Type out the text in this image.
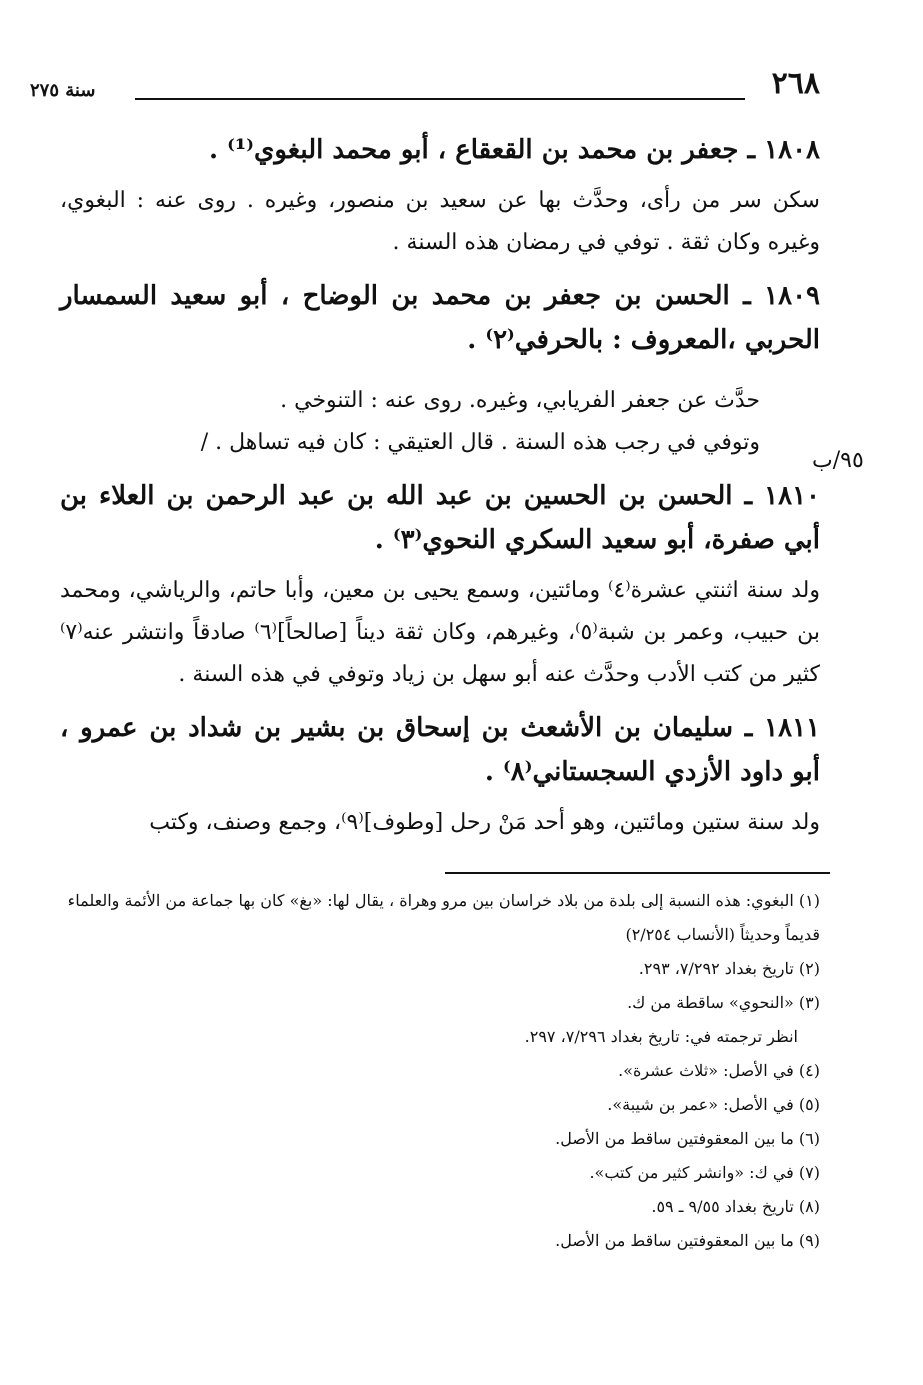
٢٦٨
سنة ٢٧٥

١٨٠٨ ـ جعفر بن محمد بن القعقاع ، أبو محمد البغوي⁽¹⁾ .

سكن سر من رأى، وحدَّث بها عن سعيد بن منصور، وغيره . روى عنه : البغوي، وغيره وكان ثقة . توفي في رمضان هذه السنة .

١٨٠٩ ـ الحسن بن جعفر بن محمد بن الوضاح ، أبو سعيد السمسار الحربي ،المعروف : بالحرفي⁽٢⁾ .

حدَّث عن جعفر الفريابي، وغيره. روى عنه : التنوخي .

وتوفي في رجب هذه السنة . قال العتيقي : كان فيه تساهل . /

١٨١٠ ـ الحسن بن الحسين بن عبد الله بن عبد الرحمن بن العلاء بن أبي صفرة، أبو سعيد السكري النحوي⁽٣⁾ .

ولد سنة اثنتي عشرة⁽٤⁾ ومائتين، وسمع يحيى بن معين، وأبا حاتم، والرياشي، ومحمد بن حبيب، وعمر بن شبة⁽٥⁾، وغيرهم، وكان ثقة ديناً [صالحاً]⁽٦⁾ صادقاً وانتشر عنه⁽٧⁾ كثير من كتب الأدب وحدَّث عنه أبو سهل بن زياد وتوفي في هذه السنة .

١٨١١ ـ سليمان بن الأشعث بن إسحاق بن بشير بن شداد بن عمرو ، أبو داود الأزدي السجستاني⁽٨⁾ .

ولد سنة ستين ومائتين، وهو أحد مَنْ رحل [وطوف]⁽٩⁾، وجمع وصنف، وكتب

٩٥/ب

(١) البغوي: هذه النسبة إلى بلدة من بلاد خراسان بين مرو وهراة ، يقال لها: «بغ» كان بها جماعة من الأئمة والعلماء قديماً وحديثاً (الأنساب ٢/٢٥٤)

(٢) تاريخ بغداد ٧/٢٩٢، ٢٩٣.

(٣) «النحوي» ساقطة من ك.

انظر ترجمته في: تاريخ بغداد ٧/٢٩٦، ٢٩٧.

(٤) في الأصل: «ثلاث عشرة».

(٥) في الأصل: «عمر بن شيبة».

(٦) ما بين المعقوفتين ساقط من الأصل.

(٧) في ك: «وانشر كثير من كتب».

(٨) تاريخ بغداد ٩/٥٥ ـ ٥٩.

(٩) ما بين المعقوفتين ساقط من الأصل.
